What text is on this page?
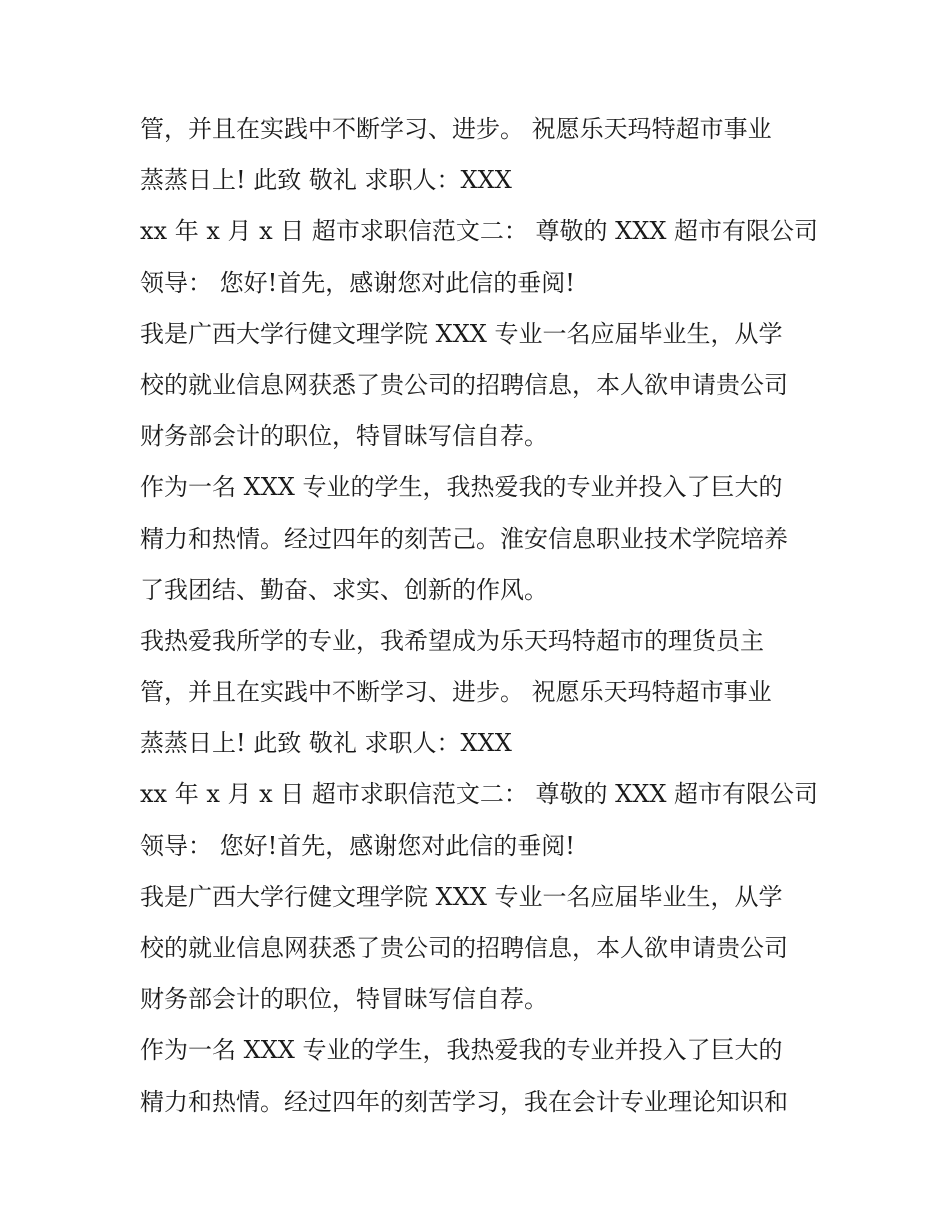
管，并且在实践中不断学习、进步。 祝愿乐天玛特超市事业
蒸蒸日上! 此致 敬礼 求职人：XXX
xx 年 x 月 x 日 超市求职信范文二： 尊敬的 XXX 超市有限公司
领导： 您好!首先，感谢您对此信的垂阅!
我是广西大学行健文理学院 XXX 专业一名应届毕业生，从学
校的就业信息网获悉了贵公司的招聘信息，本人欲申请贵公司
财务部会计的职位，特冒昧写信自荐。
作为一名 XXX 专业的学生，我热爱我的专业并投入了巨大的
精力和热情。经过四年的刻苦己。淮安信息职业技术学院培养
了我团结、勤奋、求实、创新的作风。
我热爱我所学的专业，我希望成为乐天玛特超市的理货员主
管，并且在实践中不断学习、进步。 祝愿乐天玛特超市事业
蒸蒸日上! 此致 敬礼 求职人：XXX
xx 年 x 月 x 日 超市求职信范文二： 尊敬的 XXX 超市有限公司
领导： 您好!首先，感谢您对此信的垂阅!
我是广西大学行健文理学院 XXX 专业一名应届毕业生，从学
校的就业信息网获悉了贵公司的招聘信息，本人欲申请贵公司
财务部会计的职位，特冒昧写信自荐。
作为一名 XXX 专业的学生，我热爱我的专业并投入了巨大的
精力和热情。经过四年的刻苦学习，我在会计专业理论知识和
